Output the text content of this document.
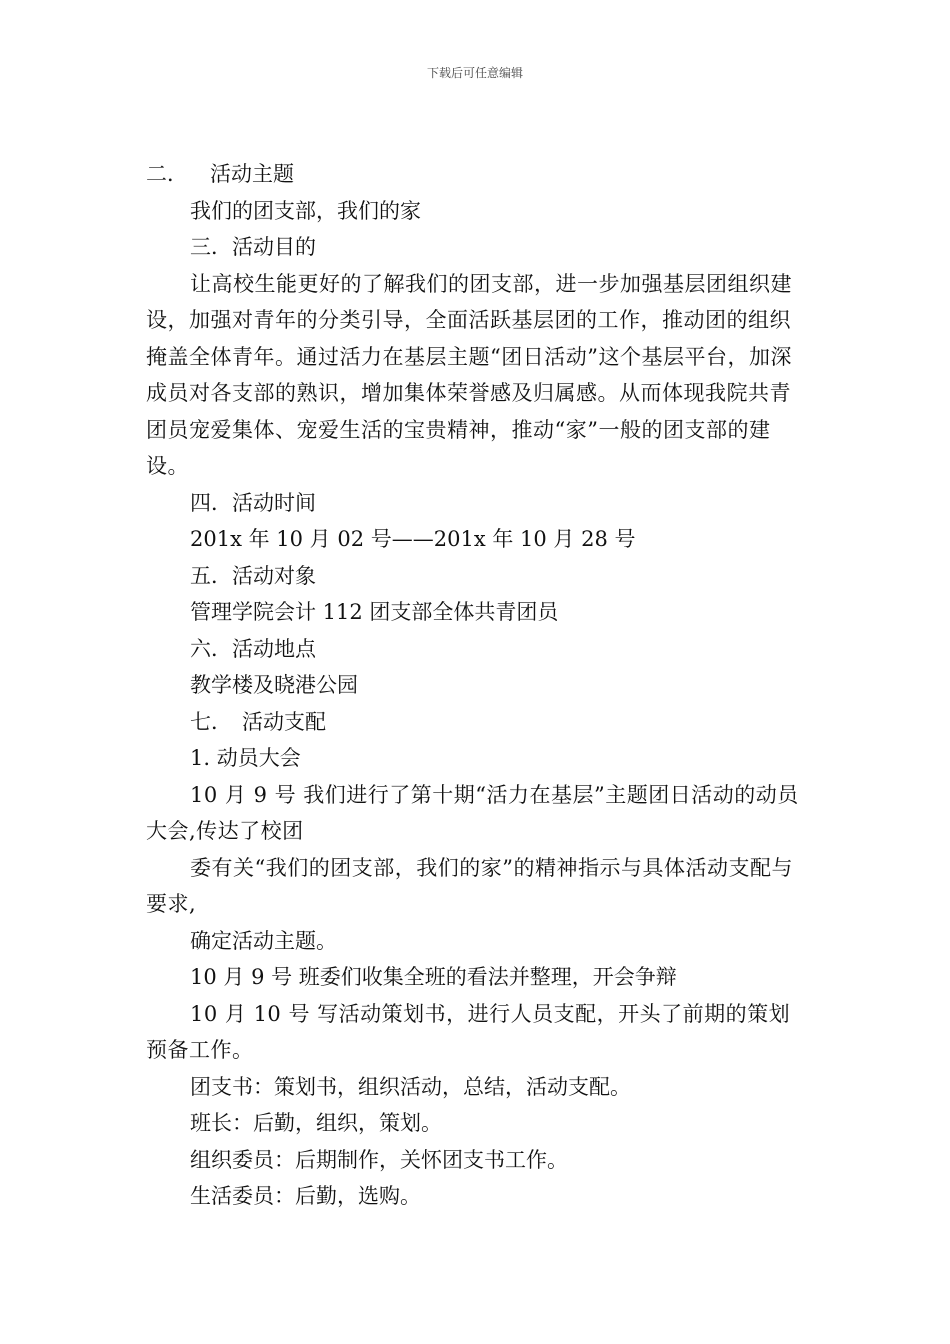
下载后可任意编辑
二． 活动主题
我们的团支部，我们的家
三．活动目的
让高校生能更好的了解我们的团支部，进一步加强基层团组织建设，加强对青年的分类引导，全面活跃基层团的工作，推动团的组织掩盖全体青年。通过活力在基层主题“团日活动”这个基层平台，加深成员对各支部的熟识，增加集体荣誉感及归属感。从而体现我院共青团员宠爱集体、宠爱生活的宝贵精神，推动“家”一般的团支部的建设。
四．活动时间
201x 年 10 月 02 号——201x 年 10 月 28 号
五．活动对象
管理学院会计 112 团支部全体共青团员
六．活动地点
教学楼及晓港公园
七． 活动支配
1. 动员大会
10 月 9 号 我们进行了第十期“活力在基层”主题团日活动的动员大会,传达了校团
委有关“我们的团支部，我们的家”的精神指示与具体活动支配与要求,
确定活动主题。
10 月 9 号 班委们收集全班的看法并整理，开会争辩
10 月 10 号 写活动策划书，进行人员支配，开头了前期的策划预备工作。
团支书：策划书，组织活动，总结，活动支配。
班长：后勤，组织，策划。
组织委员：后期制作，关怀团支书工作。
生活委员：后勤，选购。
